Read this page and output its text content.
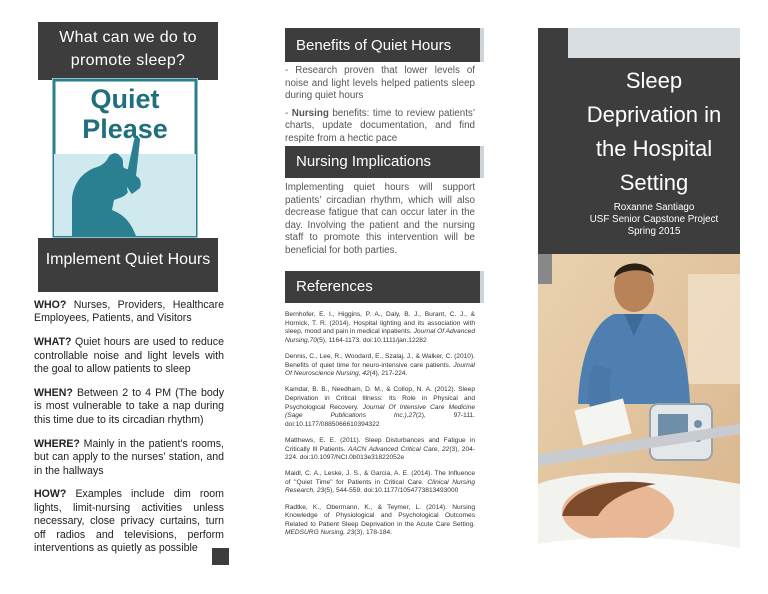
What can we do to promote sleep?
Quiet
Please
Implement Quiet Hours

WHO? Nurses, Providers, Healthcare Employees, Patients, and Visitors

WHAT? Quiet hours are used to reduce controllable noise and light levels with the goal to allow patients to sleep

WHEN? Between 2 to 4 PM (The body is most vulnerable to take a nap during this time due to its circadian rhythm)

WHERE? Mainly in the patient’s rooms, but can apply to the nurses’ station, and in the hallways

HOW? Examples include dim room lights, limit-nursing activities unless necessary, close privacy curtains, turn off radios and televisions, perform interventions as quietly as possible

Benefits of Quiet Hours

- Research proven that lower levels of noise and light levels helped patients sleep during quiet hours

- Nursing benefits: time to review patients’ charts, update documentation, and find respite from a hectic pace

Nursing Implications
Implementing quiet hours will support patients’ circadian rhythm, which will also decrease fatigue that can occur later in the day. Involving the patient and the nursing staff to promote this intervention will be beneficial for both parties.
References

Bernhofer, E. I., Higgins, P. A., Daly, B. J., Burant, C. J., & Hornick, T. R. (2014). Hospital lighting and its association with sleep, mood and pain in medical inpatients. Journal Of Advanced Nursing,70(5), 1164-1173. doi:10.1111/jan.12282

Dennis, C., Lee, R., Woodard, E., Szalaj, J., & Walker, C. (2010). Benefits of quiet time for neuro-intensive care patients. Journal Of Neuroscience Nursing, 42(4), 217-224.

Kamdar, B. B., Needham, D. M., & Collop, N. A. (2012). Sleep Deprivation in Critical Illness: Its Role in Physical and Psychological Recovery. Journal Of Intensive Care Medicine (Sage Publications Inc.),27(2), 97-111. doi:10.1177/0885066610394322

Matthews, E. E. (2011). Sleep Disturbances and Fatigue in Critically Ill Patients. AACN Advanced Critical Care, 22(3), 204-224. doi:10.1097/NCI.0b013e31822052e

Maidl, C. A., Leske, J. S., & Garcia, A. E. (2014). The Influence of "Quiet Time" for Patients in Critical Care. Clinical Nursing Research, 23(5), 544-559. doi:10.1177/1054773813493000

Radtke, K., Obermann, K., & Teymer, L. (2014). Nursing Knowledge of Physiological and Psychological Outcomes Related to Patient Sleep Deprivation in the Acute Care Setting. MEDSURG Nursing, 23(3), 178-184.

Sleep
Deprivation in
the Hospital
Setting
Roxanne Santiago
USF Senior Capstone Project
Spring 2015
